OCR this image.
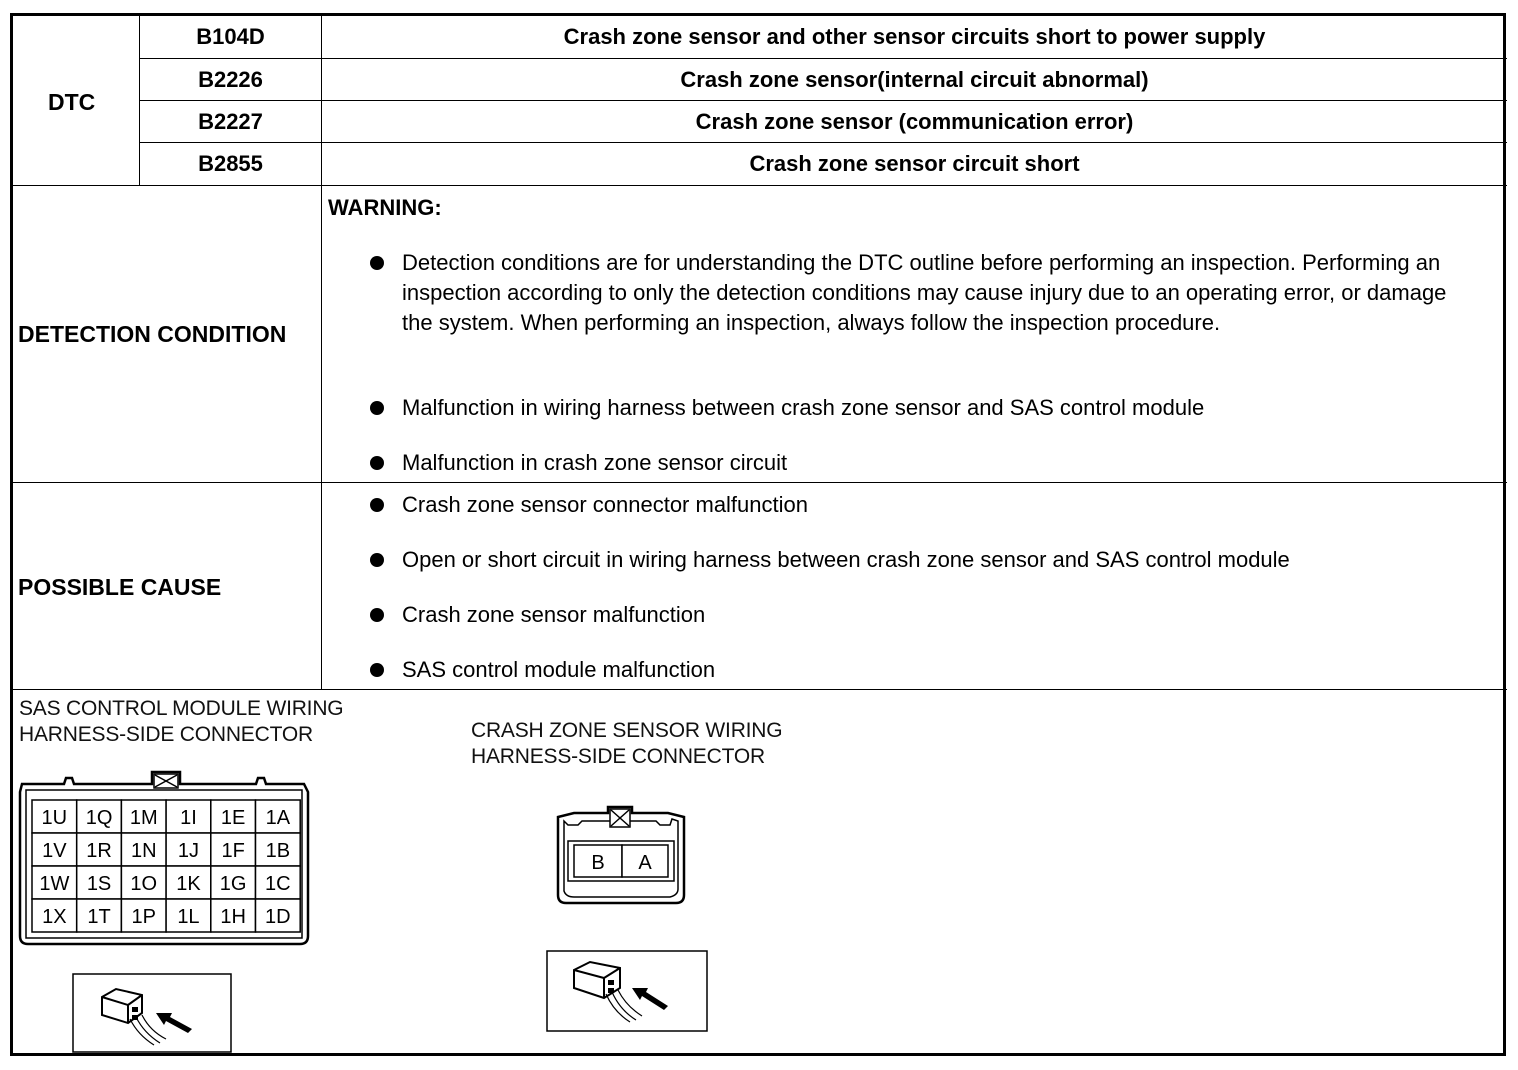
DTC
B104D	Crash zone sensor and other sensor circuits short to power supply
B2226	Crash zone sensor(internal circuit abnormal)
B2227	Crash zone sensor (communication error)
B2855	Crash zone sensor circuit short
DETECTION CONDITION
WARNING:
Detection conditions are for understanding the DTC outline before performing an inspection. Performing an inspection according to only the detection conditions may cause injury due to an operating error, or damage the system. When performing an inspection, always follow the inspection procedure.
Malfunction in wiring harness between crash zone sensor and SAS control module
Malfunction in crash zone sensor circuit
POSSIBLE CAUSE
Crash zone sensor connector malfunction
Open or short circuit in wiring harness between crash zone sensor and SAS control module
Crash zone sensor malfunction
SAS control module malfunction
SAS CONTROL MODULE WIRING
HARNESS-SIDE CONNECTOR	CRASH ZONE SENSOR WIRING
HARNESS-SIDE CONNECTOR
1U 1Q 1M 1I 1E 1A
1V 1R 1N 1J 1F 1B
1W 1S 1O 1K 1G 1C
1X 1T 1P 1L 1H 1D
B A
